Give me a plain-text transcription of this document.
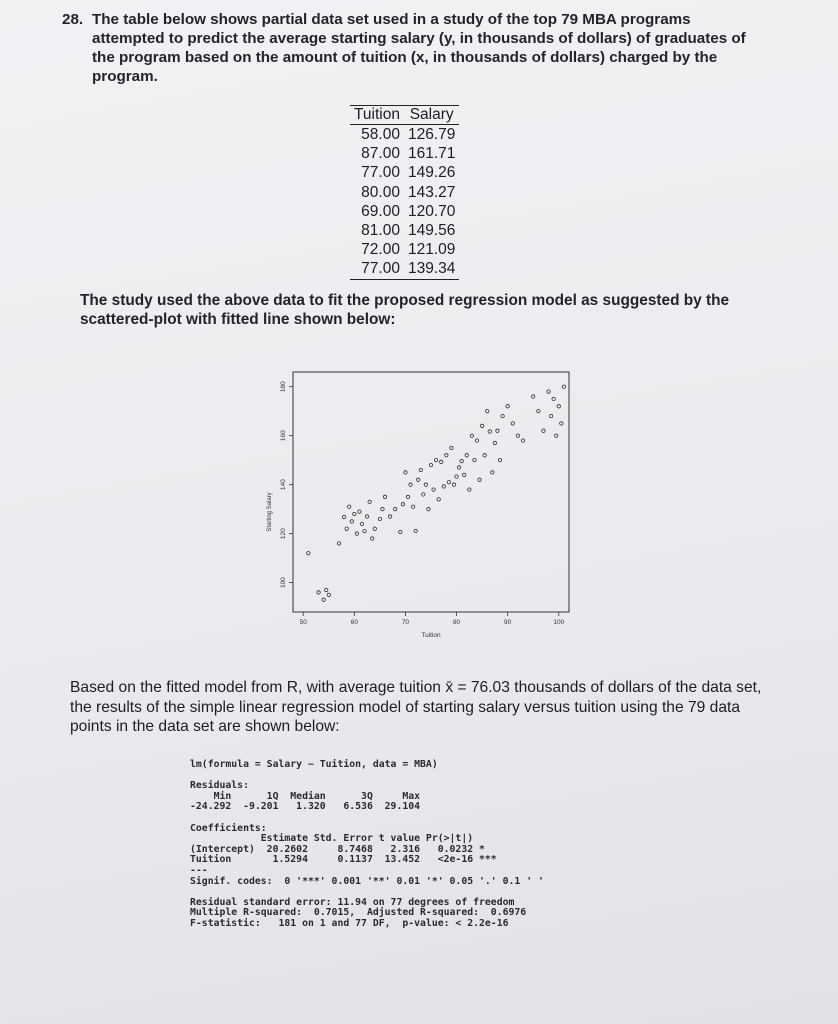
28. The table below shows partial data set used in a study of the top 79 MBA programs attempted to predict the average starting salary (y, in thousands of dollars) of graduates of the program based on the amount of tuition (x, in thousands of dollars) charged by the program.
Tuition	Salary
58.00	126.79
87.00	161.71
77.00	149.26
80.00	143.27
69.00	120.70
81.00	149.56
72.00	121.09
77.00	139.34
The study used the above data to fit the proposed regression model as suggested by the scattered-plot with fitted line shown below:
50	60	70	80	90	100
100
120
140
160
180
Tuition
Starting Salary
Based on the fitted model from R, with average tuition x̄ = 76.03 thousands of dollars of the data set, the results of the simple linear regression model of starting salary versus tuition using the 79 data points in the data set are shown below:
lm(formula = Salary ~ Tuition, data = MBA)
Residuals:
Min      1Q  Median      3Q     Max
-24.292  -9.201   1.320   6.536  29.104
Coefficients:
Estimate Std. Error t value Pr(>|t|)
(Intercept)  20.2602     8.7468   2.316   0.0232 *
Tuition       1.5294     0.1137  13.452   <2e-16 ***
---
Signif. codes:  0 '***' 0.001 '**' 0.01 '*' 0.05 '.' 0.1 ' '
Residual standard error: 11.94 on 77 degrees of freedom
Multiple R-squared:  0.7015,  Adjusted R-squared:  0.6976
F-statistic:   181 on 1 and 77 DF,  p-value: < 2.2e-16
